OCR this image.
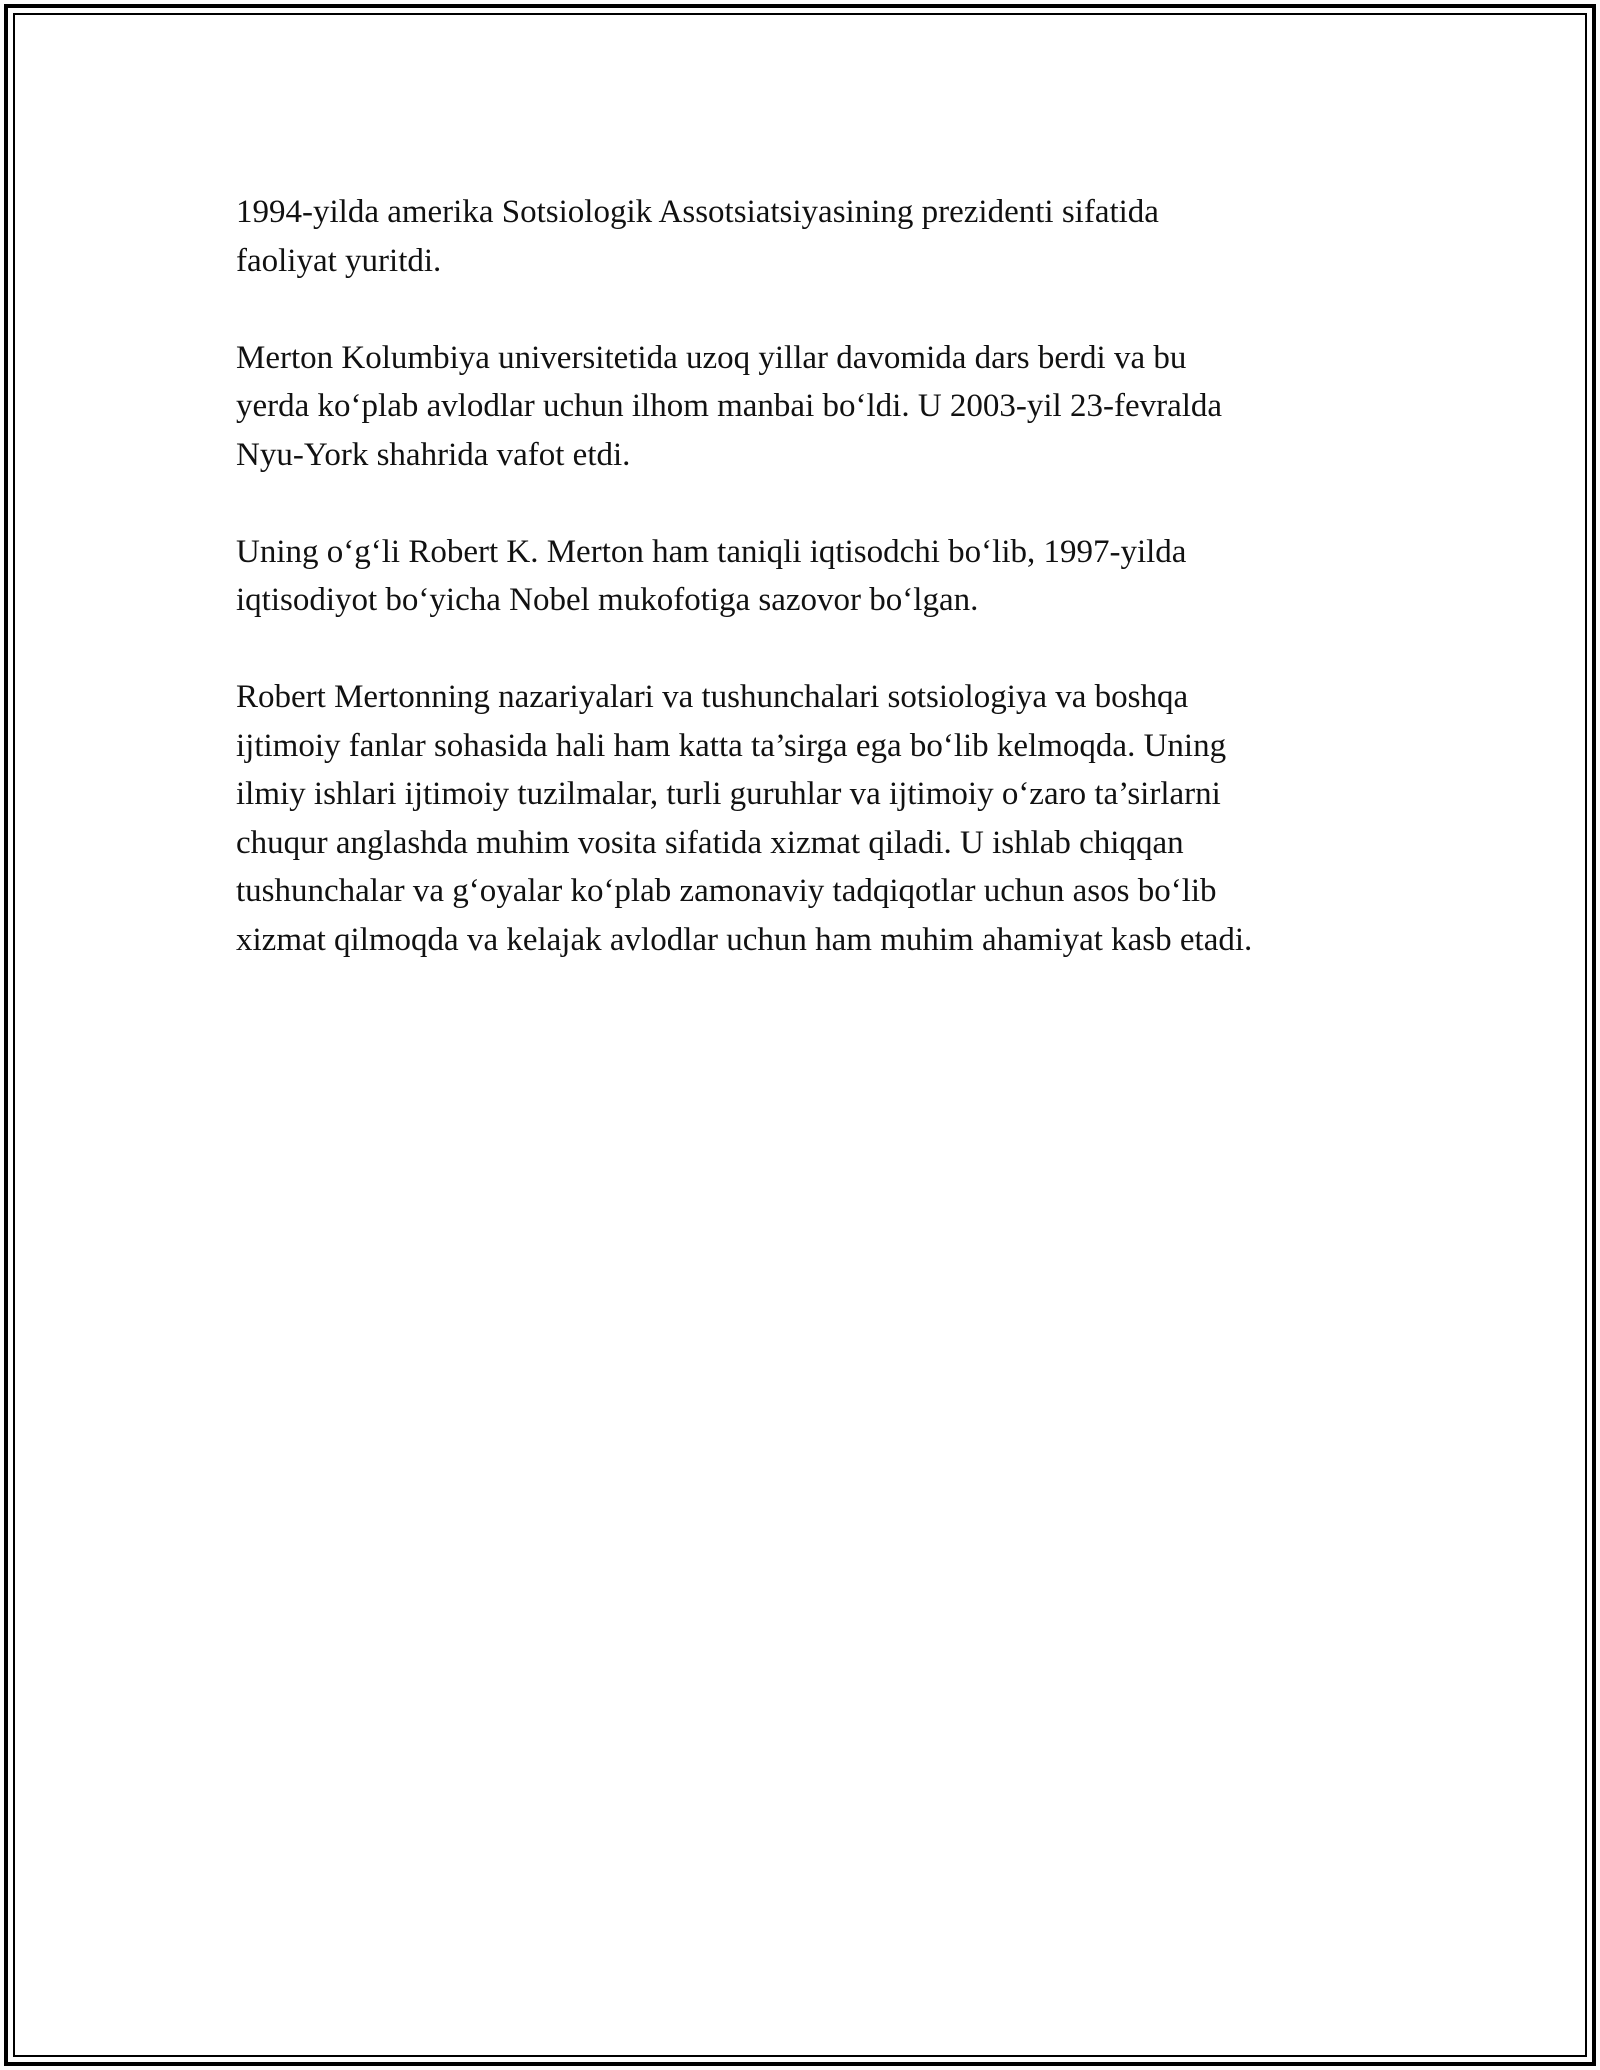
1994-yilda amerika Sotsiologik Assotsiatsiyasining prezidenti sifatida
faoliyat yuritdi.

Merton Kolumbiya universitetida uzoq yillar davomida dars berdi va bu
yerda ko‘plab avlodlar uchun ilhom manbai bo‘ldi. U 2003-yil 23-fevralda
Nyu-York shahrida vafot etdi.

Uning o‘g‘li Robert K. Merton ham taniqli iqtisodchi bo‘lib, 1997-yilda
iqtisodiyot bo‘yicha Nobel mukofotiga sazovor bo‘lgan.

Robert Mertonning nazariyalari va tushunchalari sotsiologiya va boshqa
ijtimoiy fanlar sohasida hali ham katta ta’sirga ega bo‘lib kelmoqda. Uning
ilmiy ishlari ijtimoiy tuzilmalar, turli guruhlar va ijtimoiy o‘zaro ta’sirlarni
chuqur anglashda muhim vosita sifatida xizmat qiladi. U ishlab chiqqan
tushunchalar va g‘oyalar ko‘plab zamonaviy tadqiqotlar uchun asos bo‘lib
xizmat qilmoqda va kelajak avlodlar uchun ham muhim ahamiyat kasb etadi.
